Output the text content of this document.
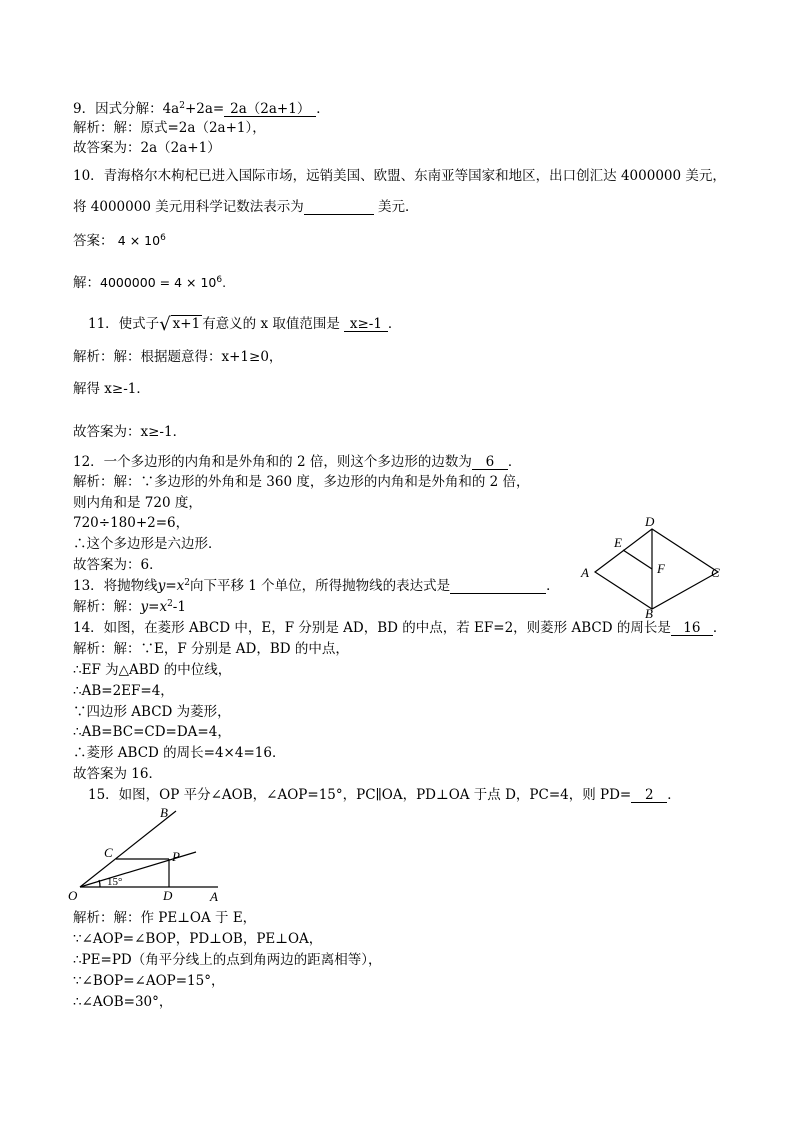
9．因式分解：$4a^2+2a= 2a(2a+1)$ ．
解析：解：原式=2a（2a+1），
故答案为：2a（2a+1）
10．青海格尔木枸杞已进入国际市场，远销美国、欧盟、东南亚等国家和地区，出口创汇达 4000000 美元，
将 4000000 美元用科学记数法表示为	美元．
答案： $4 \times 10^6$
解：$4000000 = 4 \times 10^6$.
11．使式子√ x+1 有意义的 x 取值范围是 x≥-1 ．
解析：解：根据题意得：x+1≥0，
解得 x≥-1．
故答案为：x≥-1．
12．一个多边形的内角和是外角和的 2 倍，则这个多边形的边数为 6 ．
解析：解：∵多边形的外角和是 360 度，多边形的内角和是外角和的 2 倍，
则内角和是 720 度，
720÷180+2=6，
∴这个多边形是六边形．
故答案为：6．	A
D
C
B
E
F
13．将抛物线$y=x^2$向下平移 1 个单位，所得抛物线的表达式是	．
解析：解：$y=x^2-1$
14．如图，在菱形 ABCD 中，E，F 分别是 AD，BD 的中点，若 EF=2，则菱形 ABCD 的周长是 16 ．
解析：解：∵E，F 分别是 AD，BD 的中点，
∴EF 为△ABD 的中位线，
∴AB=2EF=4，
∵四边形 ABCD 为菱形，
∴AB=BC=CD=DA=4，
∴菱形 ABCD 的周长=4×4=16．
故答案为 16．
15．如图，OP 平分∠AOB，∠AOP=15°，PC∥OA，PD⊥OA 于点 D，PC=4，则 PD= 2 ．
O	A
B
C
D
P
15°
解析：解：作 PE⊥OA 于 E，
∵∠AOP=∠BOP，PD⊥OB，PE⊥OA，
∴PE=PD（角平分线上的点到角两边的距离相等），
∵∠BOP=∠AOP=15°，
∴∠AOB=30°，
